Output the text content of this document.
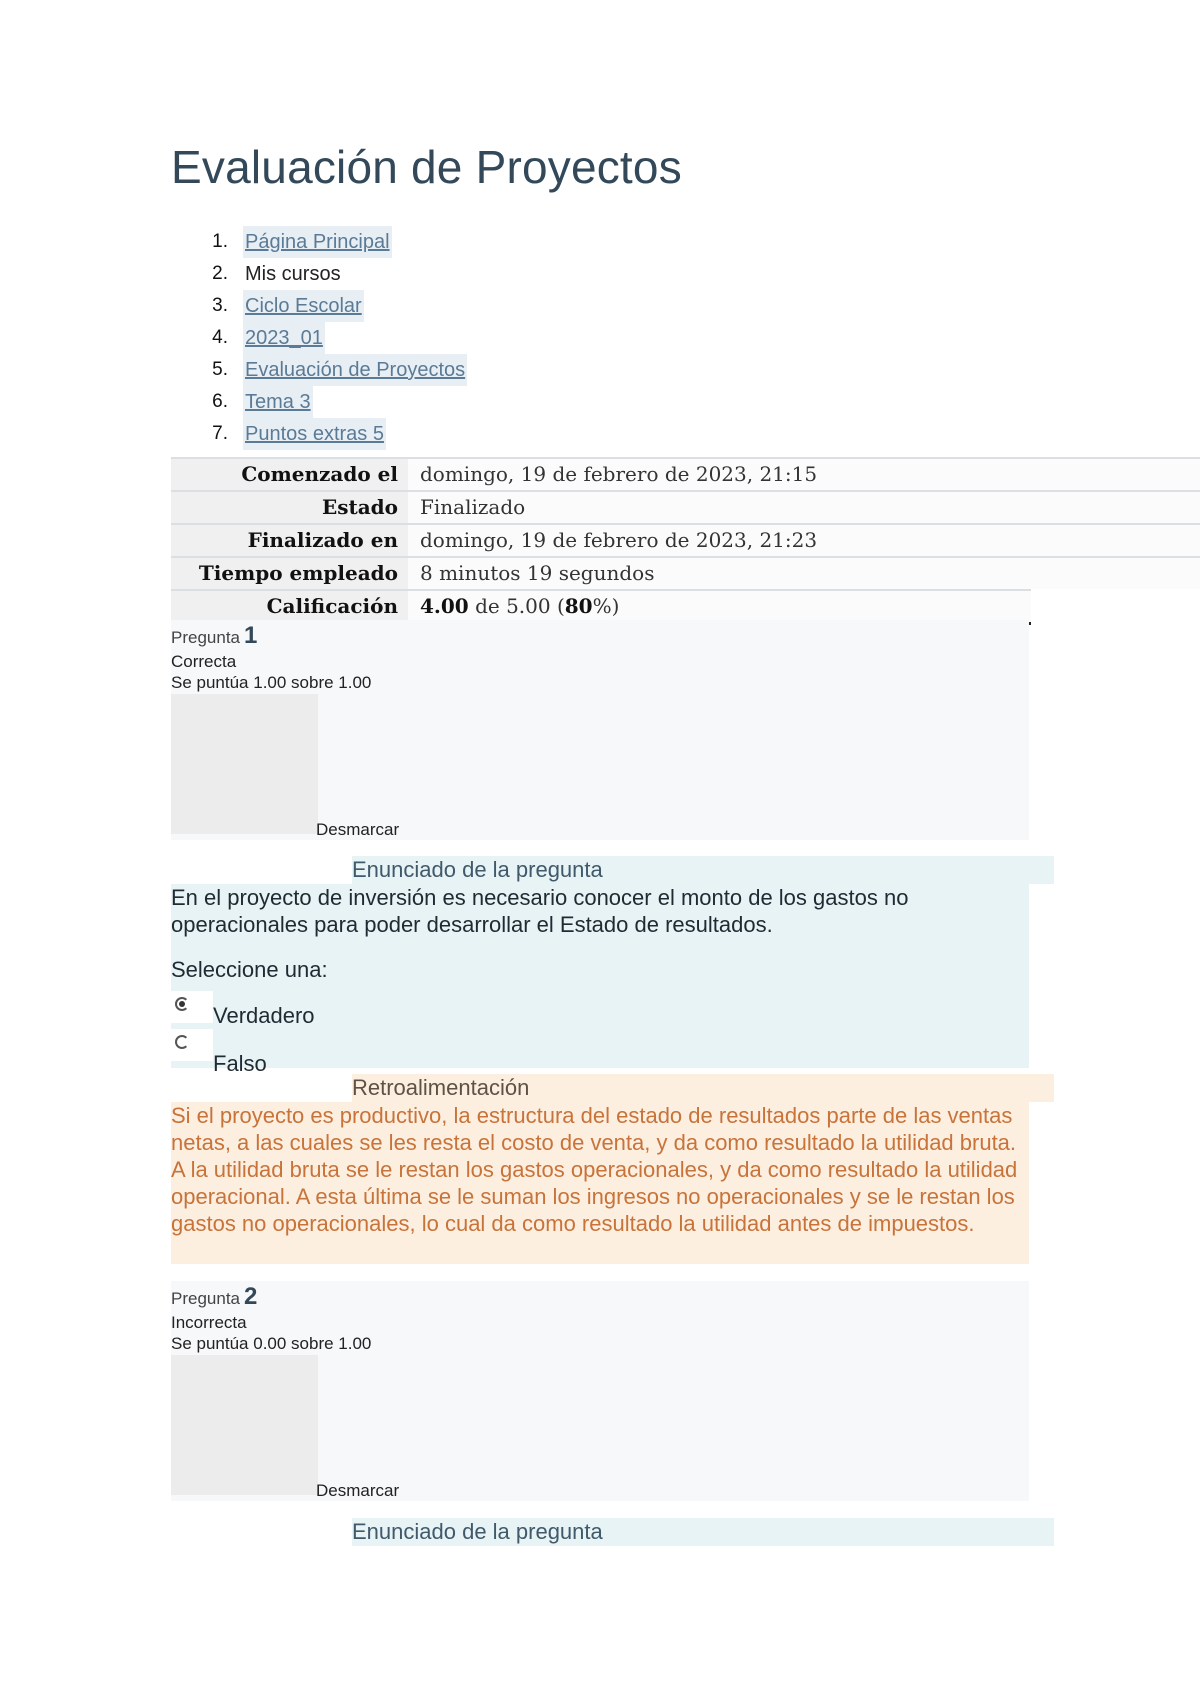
Evaluación de Proyectos
1. Página Principal
2. Mis cursos
3. Ciclo Escolar
4. 2023_01
5. Evaluación de Proyectos
6. Tema 3
7. Puntos extras 5
Comenzado el	domingo, 19 de febrero de 2023, 21:15
Estado	Finalizado
Finalizado en	domingo, 19 de febrero de 2023, 21:23
Tiempo empleado	8 minutos 19 segundos
Calificación	4.00 de 5.00 (80%)
Pregunta 1
Correcta
Se puntúa 1.00 sobre 1.00
Desmarcar
Enunciado de la pregunta

En el proyecto de inversión es necesario conocer el monto de los gastos no operacionales para poder desarrollar el Estado de resultados.

Seleccione una:
Verdadero
Falso
Retroalimentación

Si el proyecto es productivo, la estructura del estado de resultados parte de las ventas netas, a las cuales se les resta el costo de venta, y da como resultado la utilidad bruta. A la utilidad bruta se le restan los gastos operacionales, y da como resultado la utilidad operacional. A esta última se le suman los ingresos no operacionales y se le restan los gastos no operacionales, lo cual da como resultado la utilidad antes de impuestos.

Pregunta 2
Incorrecta
Se puntúa 0.00 sobre 1.00
Desmarcar
Enunciado de la pregunta
